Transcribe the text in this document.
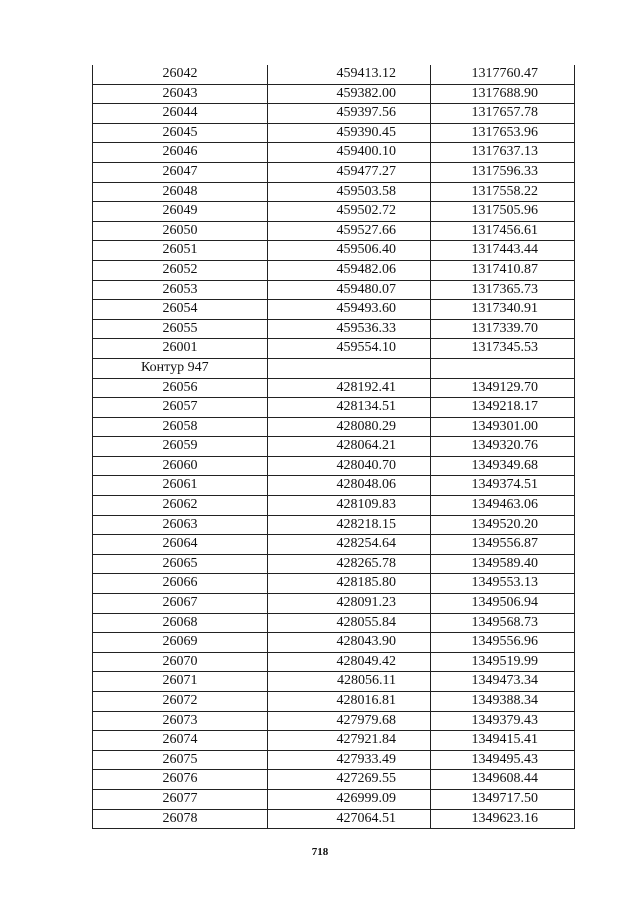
26042	459413.12	1317760.47
26043	459382.00	1317688.90
26044	459397.56	1317657.78
26045	459390.45	1317653.96
26046	459400.10	1317637.13
26047	459477.27	1317596.33
26048	459503.58	1317558.22
26049	459502.72	1317505.96
26050	459527.66	1317456.61
26051	459506.40	1317443.44
26052	459482.06	1317410.87
26053	459480.07	1317365.73
26054	459493.60	1317340.91
26055	459536.33	1317339.70
26001	459554.10	1317345.53
Контур 947		
26056	428192.41	1349129.70
26057	428134.51	1349218.17
26058	428080.29	1349301.00
26059	428064.21	1349320.76
26060	428040.70	1349349.68
26061	428048.06	1349374.51
26062	428109.83	1349463.06
26063	428218.15	1349520.20
26064	428254.64	1349556.87
26065	428265.78	1349589.40
26066	428185.80	1349553.13
26067	428091.23	1349506.94
26068	428055.84	1349568.73
26069	428043.90	1349556.96
26070	428049.42	1349519.99
26071	428056.11	1349473.34
26072	428016.81	1349388.34
26073	427979.68	1349379.43
26074	427921.84	1349415.41
26075	427933.49	1349495.43
26076	427269.55	1349608.44
26077	426999.09	1349717.50
26078	427064.51	1349623.16
718
